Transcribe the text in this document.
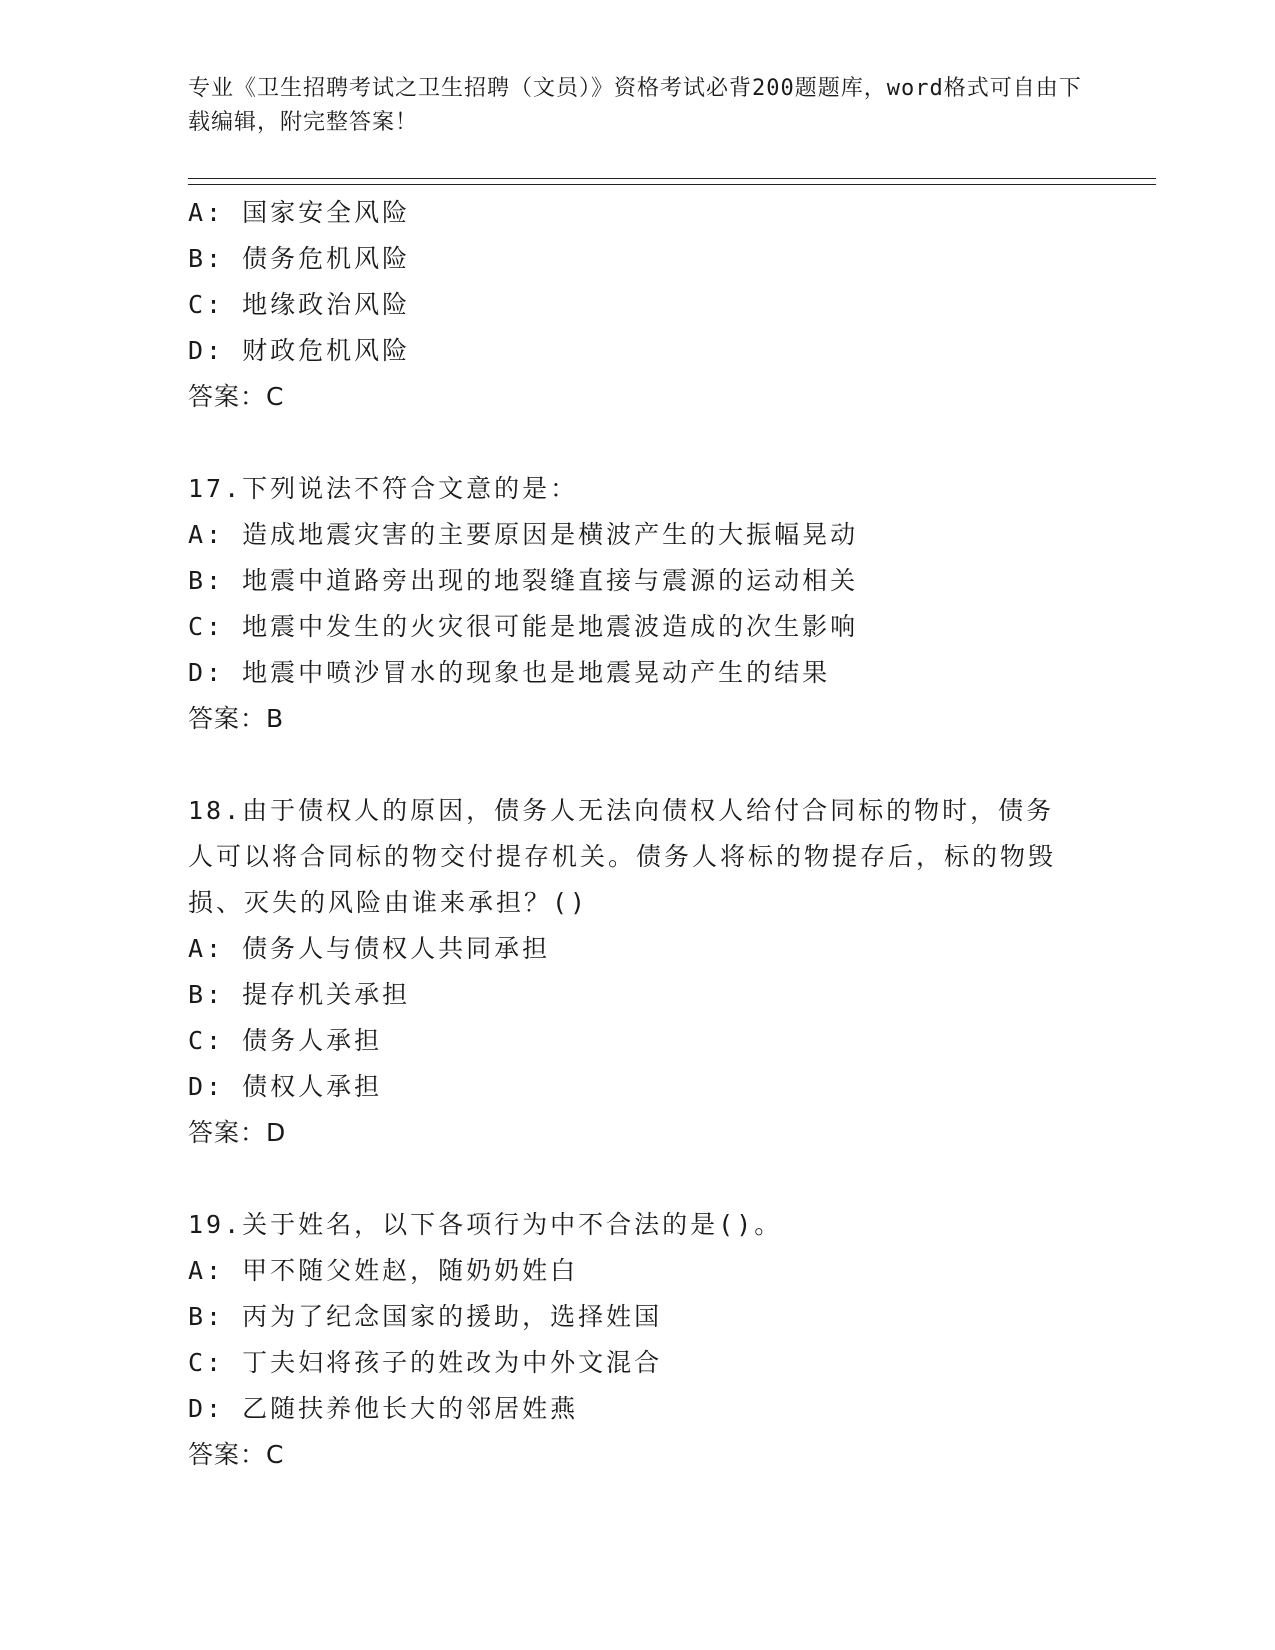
专业《卫生招聘考试之卫生招聘（文员）》资格考试必背200题题库，word格式可自由下载编辑，附完整答案！
A: 国家安全风险
B: 债务危机风险
C: 地缘政治风险
D: 财政危机风险
答案：C
17.下列说法不符合文意的是：
A: 造成地震灾害的主要原因是横波产生的大振幅晃动
B: 地震中道路旁出现的地裂缝直接与震源的运动相关
C: 地震中发生的火灾很可能是地震波造成的次生影响
D: 地震中喷沙冒水的现象也是地震晃动产生的结果
答案：B
18.由于债权人的原因，债务人无法向债权人给付合同标的物时，债务人可以将合同标的物交付提存机关。债务人将标的物提存后，标的物毁损、灭失的风险由谁来承担？()
A: 债务人与债权人共同承担
B: 提存机关承担
C: 债务人承担
D: 债权人承担
答案：D
19.关于姓名，以下各项行为中不合法的是()。
A: 甲不随父姓赵，随奶奶姓白
B: 丙为了纪念国家的援助，选择姓国
C: 丁夫妇将孩子的姓改为中外文混合
D: 乙随扶养他长大的邻居姓燕
答案：C
